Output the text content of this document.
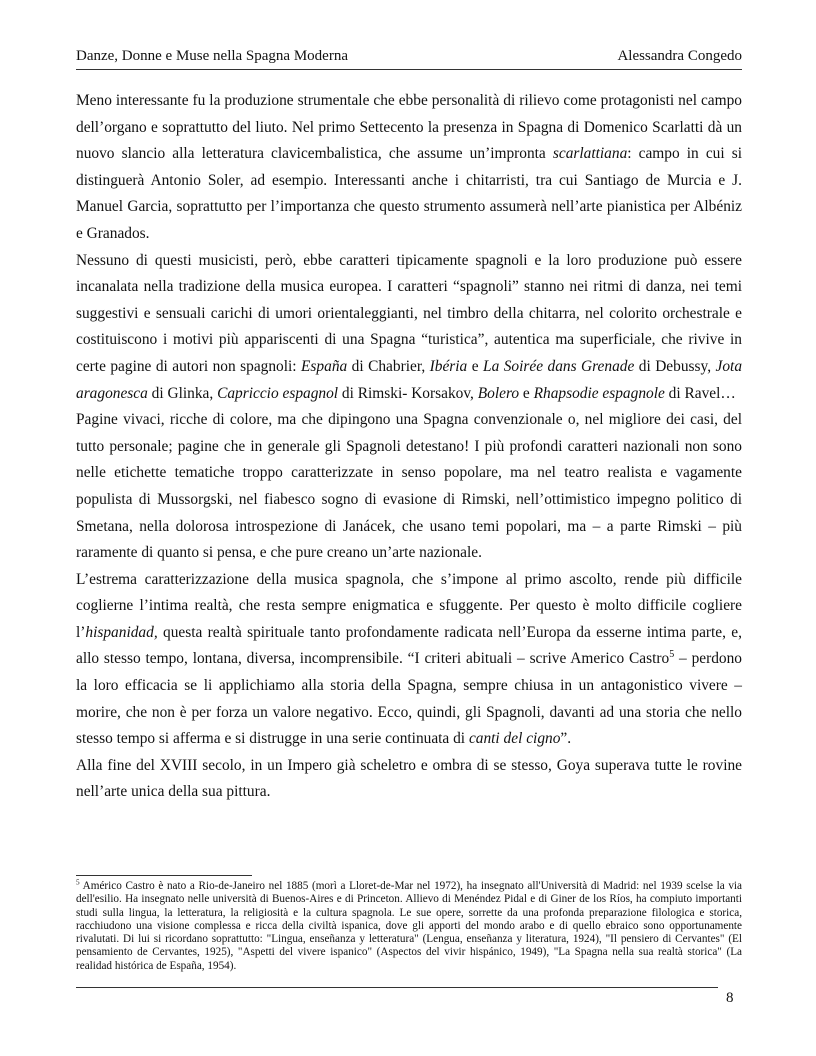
Danze, Donne e Muse nella Spagna Moderna	Alessandra Congedo

Meno interessante fu la produzione strumentale che ebbe personalità di rilievo come protagonisti nel campo dell’organo e soprattutto del liuto. Nel primo Settecento la presenza in Spagna di Domenico Scarlatti dà un nuovo slancio alla letteratura clavicembalistica, che assume un’impronta scarlattiana: campo in cui si distinguerà Antonio Soler, ad esempio. Interessanti anche i chitarristi, tra cui Santiago de Murcia e J. Manuel Garcia, soprattutto per l’importanza che questo strumento assumerà nell’arte pianistica per Albéniz e Granados.

Nessuno di questi musicisti, però, ebbe caratteri tipicamente spagnoli e la loro produzione può essere incanalata nella tradizione della musica europea. I caratteri “spagnoli” stanno nei ritmi di danza, nei temi suggestivi e sensuali carichi di umori orientaleggianti, nel timbro della chitarra, nel colorito orchestrale e costituiscono i motivi più appariscenti di una Spagna “turistica”, autentica ma superficiale, che rivive in certe pagine di autori non spagnoli: España di Chabrier, Ibéria e La Soirée dans Grenade di Debussy, Jota aragonesca di Glinka, Capriccio espagnol di Rimski- Korsakov, Bolero e Rhapsodie espagnole di Ravel…

Pagine vivaci, ricche di colore, ma che dipingono una Spagna convenzionale o, nel migliore dei casi, del tutto personale; pagine che in generale gli Spagnoli detestano! I più profondi caratteri nazionali non sono nelle etichette tematiche troppo caratterizzate in senso popolare, ma nel teatro realista e vagamente populista di Mussorgski, nel fiabesco sogno di evasione di Rimski, nell’ottimistico impegno politico di Smetana, nella dolorosa introspezione di Janácek, che usano temi popolari, ma – a parte Rimski – più raramente di quanto si pensa, e che pure creano un’arte nazionale.

L’estrema caratterizzazione della musica spagnola, che s’impone al primo ascolto, rende più difficile coglierne l’intima realtà, che resta sempre enigmatica e sfuggente. Per questo è molto difficile cogliere l’hispanidad, questa realtà spirituale tanto profondamente radicata nell’Europa da esserne intima parte, e, allo stesso tempo, lontana, diversa, incomprensibile. “I criteri abituali – scrive Americo Castro$^5$ – perdono la loro efficacia se li applichiamo alla storia della Spagna, sempre chiusa in un antagonistico vivere – morire, che non è per forza un valore negativo. Ecco, quindi, gli Spagnoli, davanti ad una storia che nello stesso tempo si afferma e si distrugge in una serie continuata di canti del cigno”.

Alla fine del XVIII secolo, in un Impero già scheletro e ombra di se stesso, Goya superava tutte le rovine nell’arte unica della sua pittura.

$^5$ Américo Castro è nato a Rio-de-Janeiro nel 1885 (morì a Lloret-de-Mar nel 1972), ha insegnato all'Università di Madrid: nel 1939 scelse la via dell'esilio. Ha insegnato nelle università di Buenos-Aires e di Princeton. Allievo di Menéndez Pidal e di Giner de los Ríos, ha compiuto importanti studi sulla lingua, la letteratura, la religiosità e la cultura spagnola. Le sue opere, sorrette da una profonda preparazione filologica e storica, racchiudono una visione complessa e ricca della civiltà ispanica, dove gli apporti del mondo arabo e di quello ebraico sono opportunamente rivalutati. Di lui si ricordano soprattutto: "Lingua, enseñanza y letteratura" (Lengua, enseñanza y literatura, 1924), "Il pensiero di Cervantes" (El pensamiento de Cervantes, 1925), "Aspetti del vivere ispanico" (Aspectos del vivir hispánico, 1949), "La Spagna nella sua realtà storica" (La realidad histórica de España, 1954).
8
